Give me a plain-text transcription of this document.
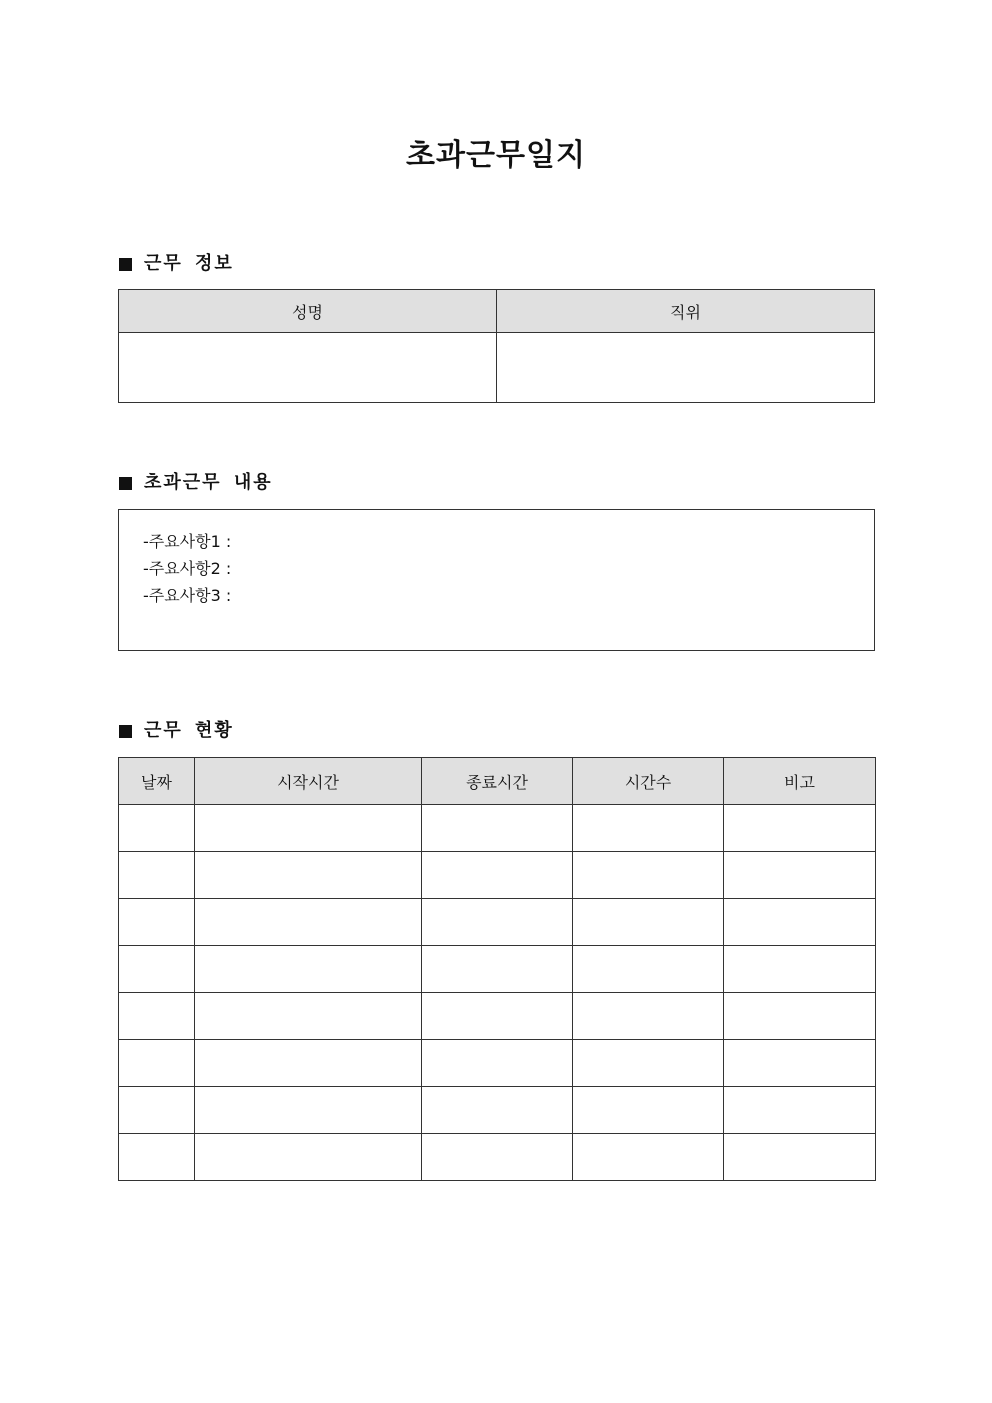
초과근무일지
근무 정보
성명	직위

초과근무 내용
-주요사항1 :
-주요사항2 :
-주요사항3 :
근무 현황
날짜	시작시간	종료시간	시간수	비고
